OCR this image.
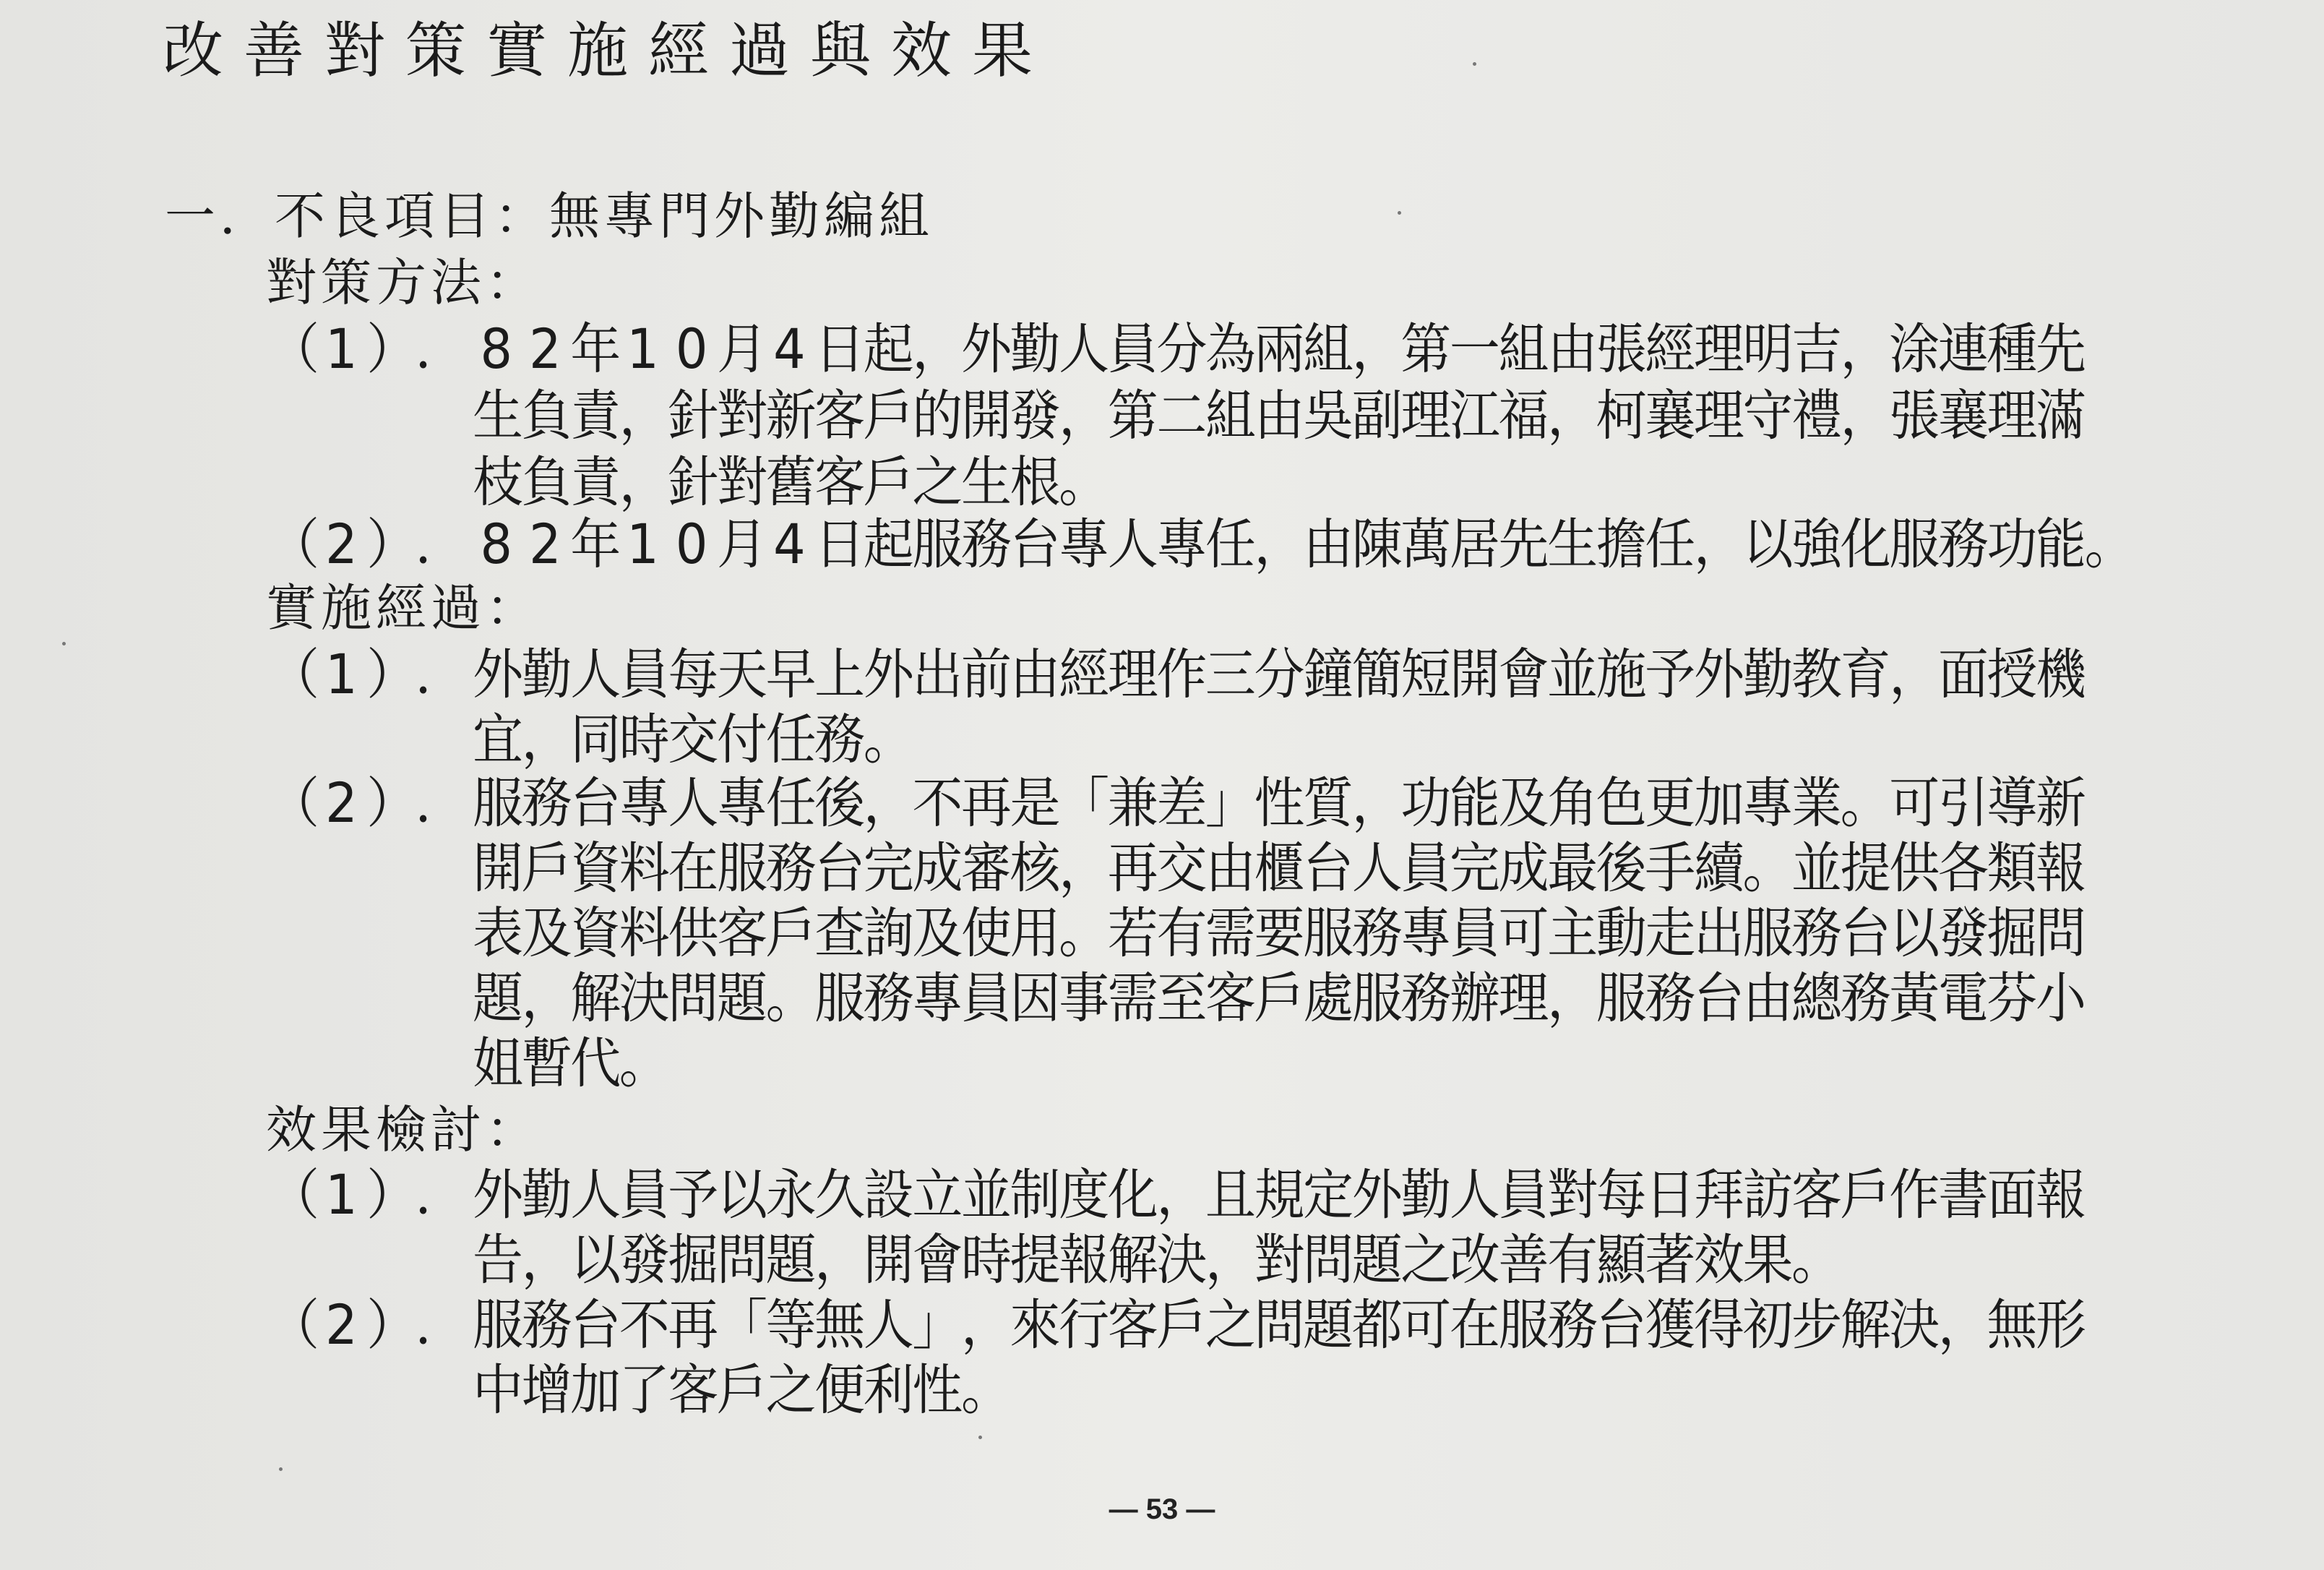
改善對策實施經過與效果
一．不良項目：無專門外勤編組
對策方法：
（1 ）． 8 2 年1 0 月4 日起，外勤人員分為兩組，第一組由張經理明吉，涂連種先
生負責，針對新客戶的開發，第二組由吳副理江福，柯襄理守禮，張襄理滿
枝負責，針對舊客戶之生根。
（2 ）． 8 2 年1 0 月4 日起服務台專人專任，由陳萬居先生擔任，以強化服務功能。
實施經過：
（1 ）． 外勤人員每天早上外出前由經理作三分鐘簡短開會並施予外勤教育，面授機
宜，同時交付任務。
（2 ）． 服務台專人專任後，不再是「兼差」性質，功能及角色更加專業。可引導新
開戶資料在服務台完成審核，再交由櫃台人員完成最後手續。並提供各類報
表及資料供客戶查詢及使用。若有需要服務專員可主動走出服務台以發掘問
題，解決問題。服務專員因事需至客戶處服務辦理，服務台由總務黃電芬小
姐暫代。
效果檢討：
（1 ）． 外勤人員予以永久設立並制度化，且規定外勤人員對每日拜訪客戶作書面報
告，以發掘問題，開會時提報解決，對問題之改善有顯著效果。
（2 ）． 服務台不再「等無人」，來行客戶之問題都可在服務台獲得初步解決，無形
中增加了客戶之便利性。
— 53 —
